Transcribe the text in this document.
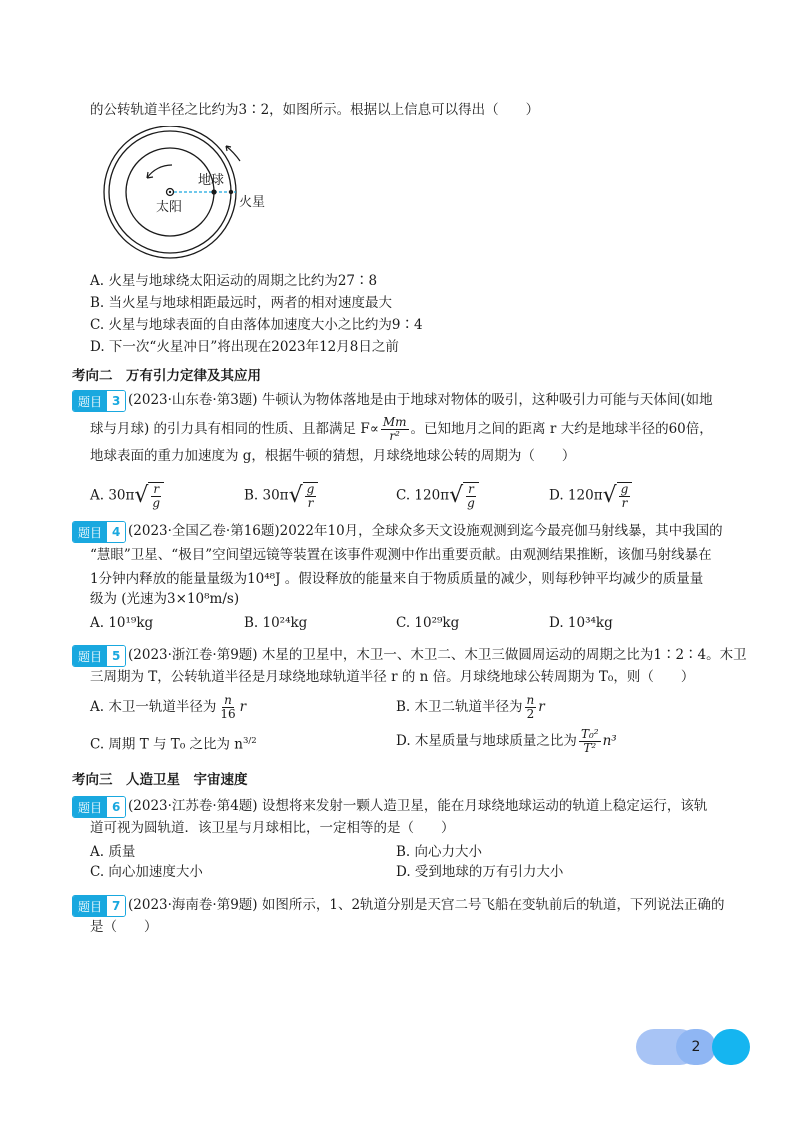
的公转轨道半径之比约为3∶2，如图所示。根据以上信息可以得出（　　）
太阳
地球
火星
A. 火星与地球绕太阳运动的周期之比约为27∶8
B. 当火星与地球相距最远时，两者的相对速度最大
C. 火星与地球表面的自由落体加速度大小之比约为9∶4
D. 下一次“火星冲日”将出现在2023年12月8日之前
考向二　万有引力定律及其应用
题目 3 (2023·山东卷·第3题) 牛顿认为物体落地是由于地球对物体的吸引，这种吸引力可能与天体间(如地
球与月球) 的引力具有相同的性质、且都满足 $F\propto \frac{Mm}{\text{r²}}$ 。已知地月之间的距离 r 大约是地球半径的60倍，
地球表面的重力加速度为 g，根据牛顿的猜想，月球绕地球公转的周期为（　　）
A. 30π √ $\frac{r}{g}$	B. 30π √ $\frac{g}{r}$	C. 120π √ $\frac{r}{g}$	D. 120π √ $\frac{g}{r}$
题目 4 (2023·全国乙卷·第16题)2022年10月，全球众多天文设施观测到迄今最亮伽马射线暴，其中我国的
“慧眼”卫星、“极目”空间望远镜等装置在该事件观测中作出重要贡献。由观测结果推断，该伽马射线暴在
1分钟内释放的能量量级为10⁴⁸J 。假设释放的能量来自于物质质量的减少，则每秒钟平均减少的质量量
级为 (光速为3×10⁸m/s)
A. 10¹⁹kg	B. 10²⁴kg	C. 10²⁹kg	D. 10³⁴kg
题目 5 (2023·浙江卷·第9题) 木星的卫星中，木卫一、木卫二、木卫三做圆周运动的周期之比为1∶2∶4。木卫
三周期为 T，公转轨道半径是月球绕地球轨道半径 r 的 n 倍。月球绕地球公转周期为 T₀，则（　　）
A. 木卫一轨道半径为 $\frac{n}{16}$ r	B. 木卫二轨道半径为 $\frac{n}{2}$ r
C. 周期 T 与 T₀ 之比为 $n^{3/2}$	D. 木星质量与地球质量之比为 $\frac{\text{T₀²}}{\text{T²}} n^3$
考向三　人造卫星　宇宙速度
题目 6 (2023·江苏卷·第4题) 设想将来发射一颗人造卫星，能在月球绕地球运动的轨道上稳定运行，该轨
道可视为圆轨道．该卫星与月球相比，一定相等的是（　　）
A. 质量	B. 向心力大小
C. 向心加速度大小	D. 受到地球的万有引力大小
题目 7 (2023·海南卷·第9题) 如图所示，1、2轨道分别是天宫二号飞船在变轨前后的轨道，下列说法正确的
是（　　）
2
